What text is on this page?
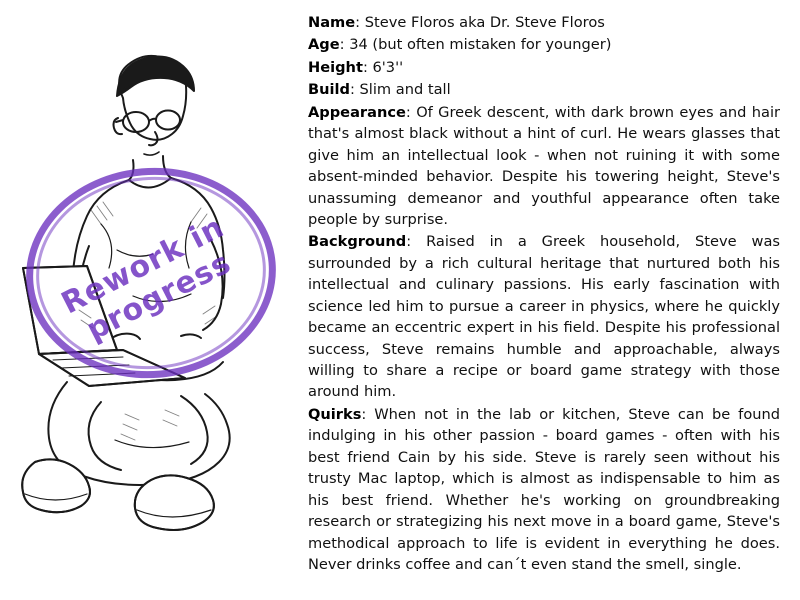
Rework in progress

Name: Steve Floros aka Dr. Steve Floros

Age: 34 (but often mistaken for younger)

Height: 6'3''

Build: Slim and tall

Appearance: Of Greek descent, with dark brown eyes and hair that's almost black without a hint of curl. He wears glasses that give him an intellectual look - when not ruining it with some absent-minded behavior. Despite his towering height, Steve's unassuming demeanor and youthful appearance often take people by surprise.

Background: Raised in a Greek household, Steve was surrounded by a rich cultural heritage that nurtured both his intellectual and culinary passions. His early fascination with science led him to pursue a career in physics, where he quickly became an eccentric expert in his field. Despite his professional success, Steve remains humble and approachable, always willing to share a recipe or board game strategy with those around him.

Quirks: When not in the lab or kitchen, Steve can be found indulging in his other passion - board games - often with his best friend Cain by his side. Steve is rarely seen without his trusty Mac laptop, which is almost as indispensable to him as his best friend. Whether he's working on groundbreaking research or strategizing his next move in a board game, Steve's methodical approach to life is evident in everything he does. Never drinks coffee and can´t even stand the smell, single.
